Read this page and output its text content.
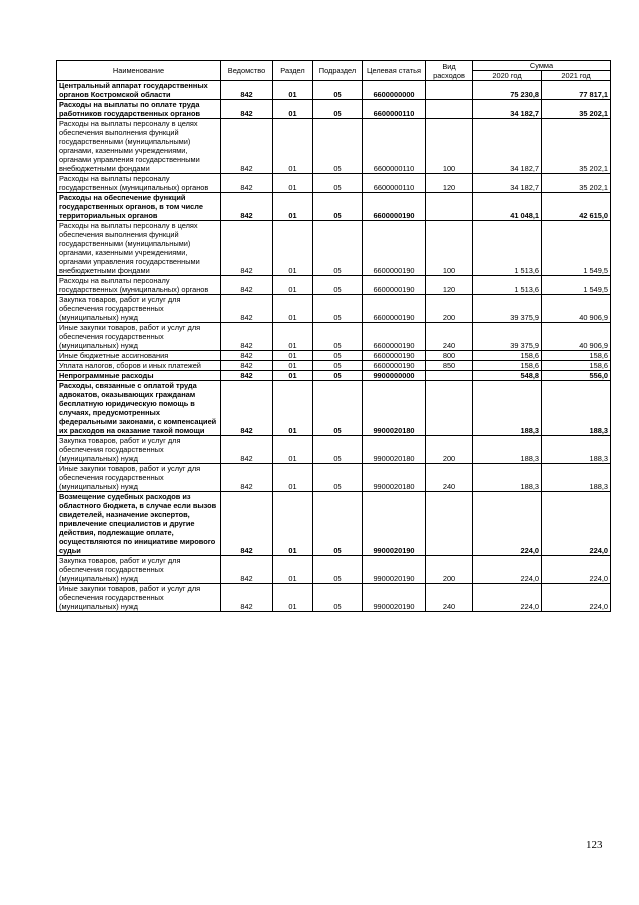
Наименование	Ведомство	Раздел	Подраздел	Целевая статья	Вид расходов	Сумма	
						2020 год	2021 год
Центральный аппарат государственных органов Костромской области	842	01	05	6600000000		75 230,8	77 817,1
Расходы на выплаты по оплате труда работников государственных органов	842	01	05	6600000110		34 182,7	35 202,1
Расходы на выплаты персоналу в целях обеспечения выполнения функций государственными (муниципальными) органами, казенными учреждениями, органами управления государственными внебюджетными фондами	842	01	05	6600000110	100	34 182,7	35 202,1
Расходы на выплаты персоналу государственных (муниципальных) органов	842	01	05	6600000110	120	34 182,7	35 202,1
Расходы на обеспечение функций государственных органов, в том числе территориальных органов	842	01	05	6600000190		41 048,1	42 615,0
Расходы на выплаты персоналу в целях обеспечения выполнения функций государственными (муниципальными) органами, казенными учреждениями, органами управления государственными внебюджетными фондами	842	01	05	6600000190	100	1 513,6	1 549,5
Расходы на выплаты персоналу государственных (муниципальных) органов	842	01	05	6600000190	120	1 513,6	1 549,5
Закупка товаров, работ и услуг для обеспечения государственных (муниципальных) нужд	842	01	05	6600000190	200	39 375,9	40 906,9
Иные закупки товаров, работ и услуг для обеспечения государственных (муниципальных) нужд	842	01	05	6600000190	240	39 375,9	40 906,9
Иные бюджетные ассигнования	842	01	05	6600000190	800	158,6	158,6
Уплата налогов, сборов и иных платежей	842	01	05	6600000190	850	158,6	158,6
Непрограммные расходы	842	01	05	9900000000		548,8	556,0
Расходы, связанные с оплатой труда адвокатов, оказывающих гражданам бесплатную юридическую помощь в случаях, предусмотренных федеральными законами, с компенсацией их расходов на оказание такой помощи	842	01	05	9900020180		188,3	188,3
Закупка товаров, работ и услуг для обеспечения государственных (муниципальных) нужд	842	01	05	9900020180	200	188,3	188,3
Иные закупки товаров, работ и услуг для обеспечения государственных (муниципальных) нужд	842	01	05	9900020180	240	188,3	188,3
Возмещение судебных расходов из областного бюджета, в случае если вызов свидетелей, назначение экспертов, привлечение специалистов и другие действия, подлежащие оплате, осуществляются по инициативе мирового судьи	842	01	05	9900020190		224,0	224,0
Закупка товаров, работ и услуг для обеспечения государственных (муниципальных) нужд	842	01	05	9900020190	200	224,0	224,0
Иные закупки товаров, работ и услуг для обеспечения государственных (муниципальных) нужд	842	01	05	9900020190	240	224,0	224,0
123
